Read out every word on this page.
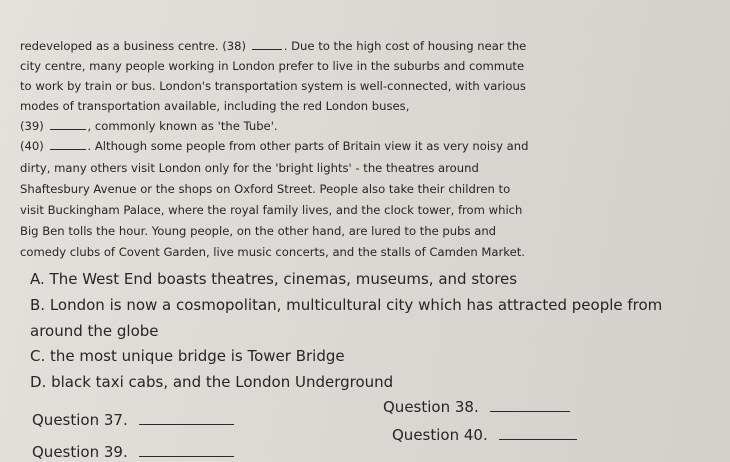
redeveloped as a business centre. (38)	. Due to the high cost of housing near the
city centre, many people working in London prefer to live in the suburbs and commute
to work by train or bus. London's transportation system is well-connected, with various
modes of transportation available, including the red London buses,
(39)	, commonly known as 'the Tube'.
(40)	. Although some people from other parts of Britain view it as very noisy and
dirty, many others visit London only for the 'bright lights' - the theatres around
Shaftesbury Avenue or the shops on Oxford Street. People also take their children to
visit Buckingham Palace, where the royal family lives, and the clock tower, from which
Big Ben tolls the hour. Young people, on the other hand, are lured to the pubs and
comedy clubs of Covent Garden, live music concerts, and the stalls of Camden Market.
A. The West End boasts theatres, cinemas, museums, and stores
B. London is now a cosmopolitan, multicultural city which has attracted people from
around the globe
C. the most unique bridge is Tower Bridge
D. black taxi cabs, and the London Underground
Question 37.
Question 38.
Question 39.
Question 40.
